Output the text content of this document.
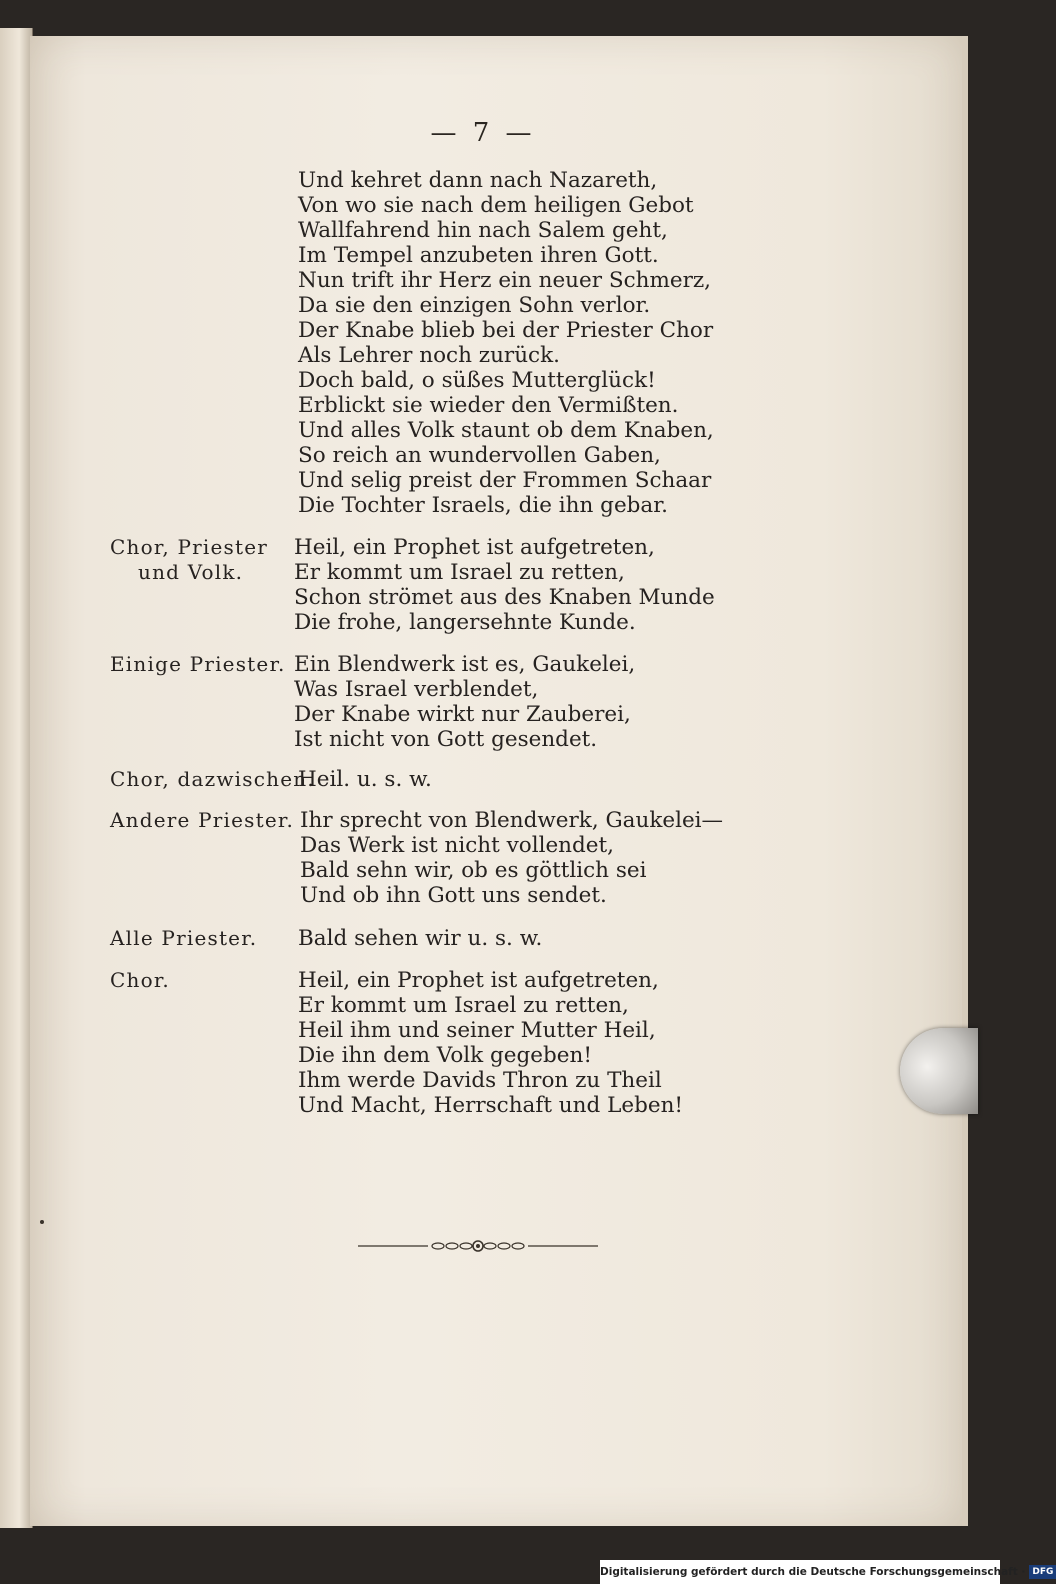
— 7 —
Und kehret dann nach Nazareth,
Von wo sie nach dem heiligen Gebot
Wallfahrend hin nach Salem geht,
Im Tempel anzubeten ihren Gott.
Nun trift ihr Herz ein neuer Schmerz,
Da sie den einzigen Sohn verlor.
Der Knabe blieb bei der Priester Chor
Als Lehrer noch zurück.
Doch bald, o süßes Mutterglück!
Erblickt sie wieder den Vermißten.
Und alles Volk staunt ob dem Knaben,
So reich an wundervollen Gaben,
Und selig preist der Frommen Schaar
Die Tochter Israels, die ihn gebar.
Chor, Priester
und Volk.
Heil, ein Prophet ist aufgetreten,
Er kommt um Israel zu retten,
Schon strömet aus des Knaben Munde
Die frohe, langersehnte Kunde.
Einige Priester. Ein Blendwerk ist es, Gaukelei,
Was Israel verblendet,
Der Knabe wirkt nur Zauberei,
Ist nicht von Gott gesendet.
Chor, dazwischen.
Heil. u. s. w.
Andere Priester. Ihr sprecht von Blendwerk, Gaukelei—
Das Werk ist nicht vollendet,
Bald sehn wir, ob es göttlich sei
Und ob ihn Gott uns sendet.
Alle Priester. Bald sehen wir u. s. w.
Chor.	Heil, ein Prophet ist aufgetreten,
Er kommt um Israel zu retten,
Heil ihm und seiner Mutter Heil,
Die ihn dem Volk gegeben!
Ihm werde Davids Thron zu Theil
Und Macht, Herrschaft und Leben!
Digitalisierung gefördert durch die Deutsche Forschungsgemeinschaft · DFG
